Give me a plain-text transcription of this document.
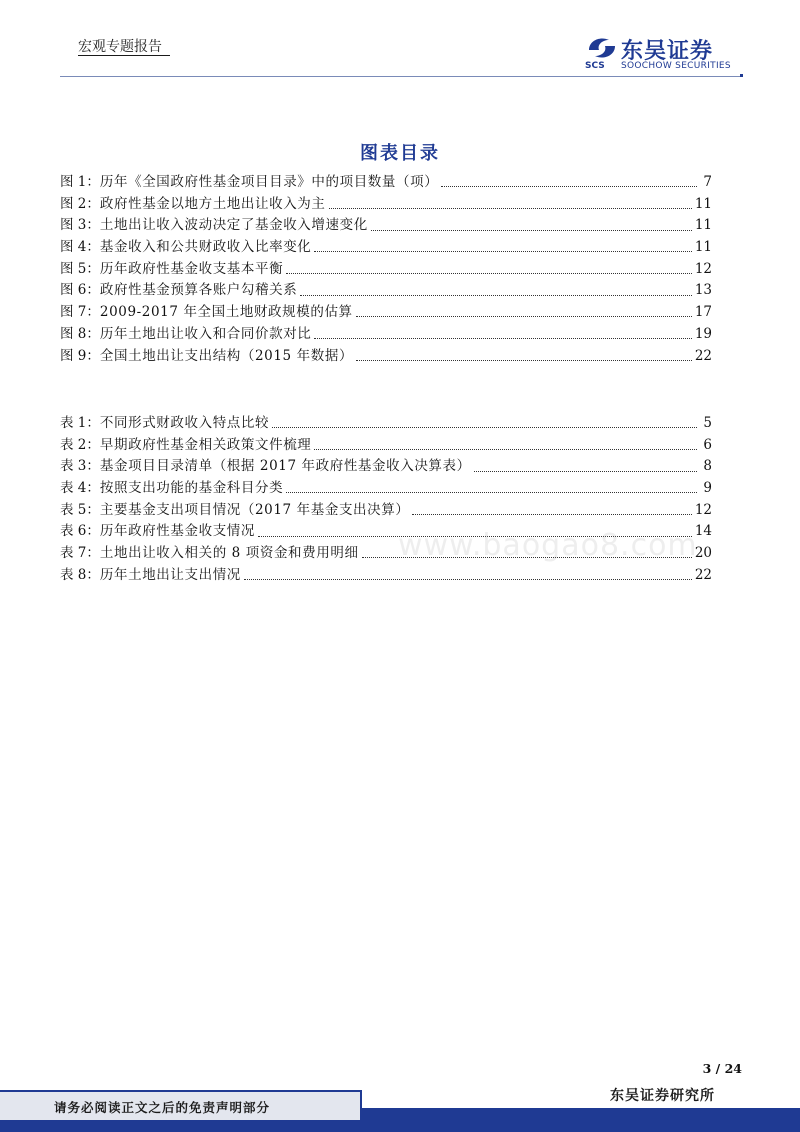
宏观专题报告
SCS
东吴证券
SOOCHOW SECURITIES
图表目录
图 1： 历年《全国政府性基金项目目录》中的项目数量（项）	7
图 2： 政府性基金以地方土地出让收入为主	11
图 3： 土地出让收入波动决定了基金收入增速变化	11
图 4： 基金收入和公共财政收入比率变化	11
图 5： 历年政府性基金收支基本平衡	12
图 6： 政府性基金预算各账户勾稽关系	13
图 7： 2009-2017 年全国土地财政规模的估算	17
图 8： 历年土地出让收入和合同价款对比	19
图 9： 全国土地出让支出结构（2015 年数据）	22
表 1： 不同形式财政收入特点比较	5
表 2： 早期政府性基金相关政策文件梳理	6
表 3： 基金项目目录清单（根据 2017 年政府性基金收入决算表）	8
表 4： 按照支出功能的基金科目分类	9
表 5： 主要基金支出项目情况（2017 年基金支出决算）	12
表 6： 历年政府性基金收支情况	14
表 7： 土地出让收入相关的 8 项资金和费用明细	20
表 8： 历年土地出让支出情况	22
www.baogao8.com
3 / 24
请务必阅读正文之后的免责声明部分
东吴证券研究所
